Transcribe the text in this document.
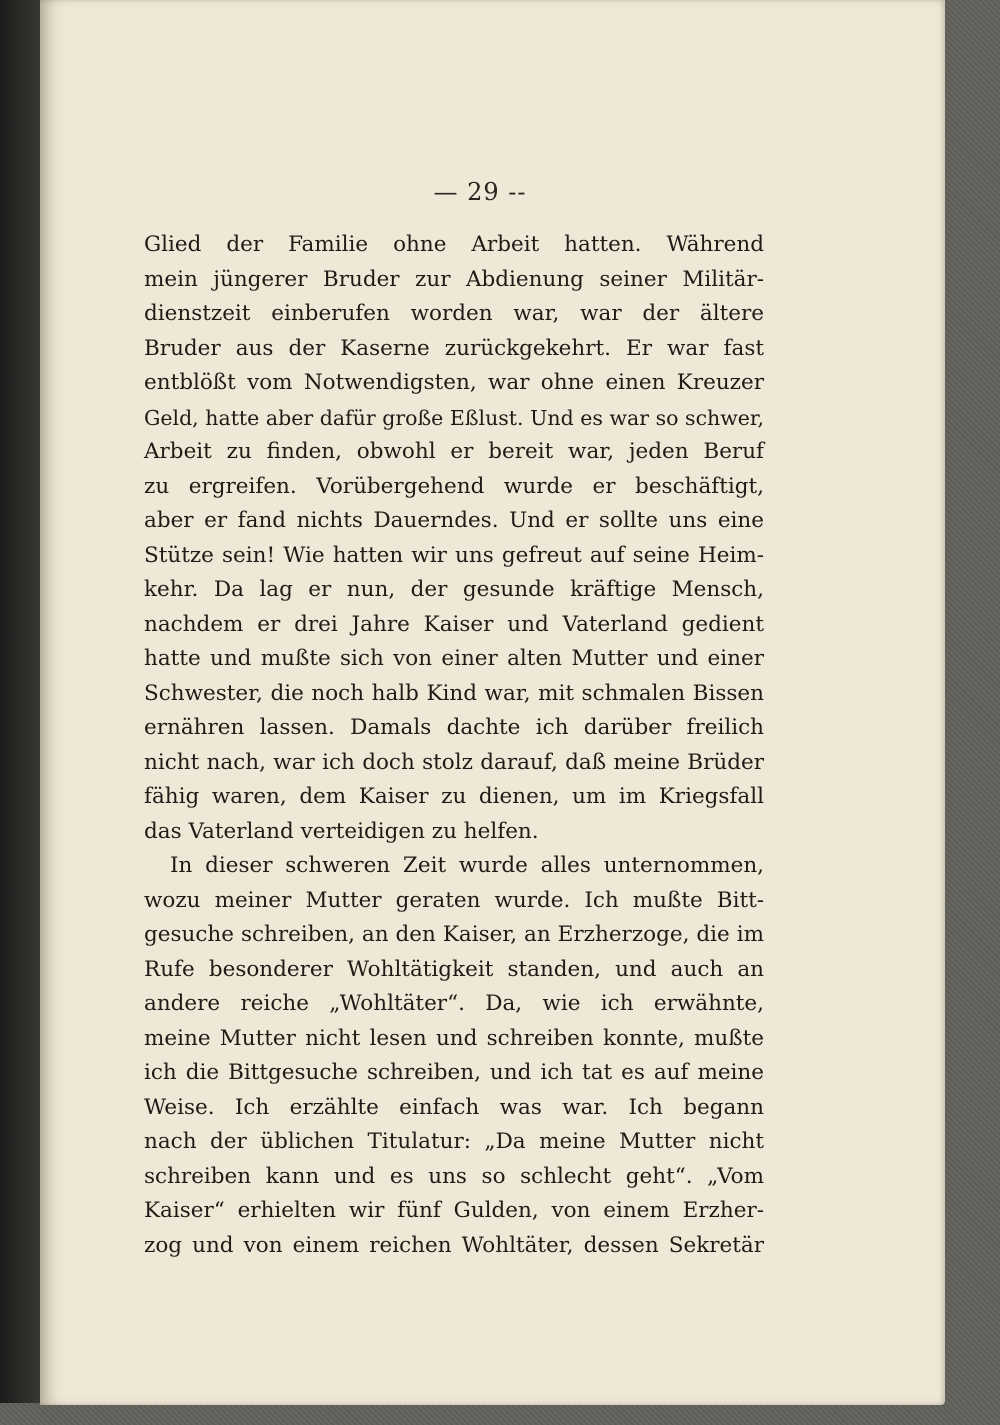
— 29 --
Glied der Familie ohne Arbeit hatten. Während
mein jüngerer Bruder zur Abdienung seiner Militär-
dienstzeit einberufen worden war, war der ältere
Bruder aus der Kaserne zurückgekehrt. Er war fast
entblößt vom Notwendigsten, war ohne einen Kreuzer
Geld, hatte aber dafür große Eßlust. Und es war so schwer,
Arbeit zu finden, obwohl er bereit war, jeden Beruf
zu ergreifen. Vorübergehend wurde er beschäftigt,
aber er fand nichts Dauerndes. Und er sollte uns eine
Stütze sein! Wie hatten wir uns gefreut auf seine Heim-
kehr. Da lag er nun, der gesunde kräftige Mensch,
nachdem er drei Jahre Kaiser und Vaterland gedient
hatte und mußte sich von einer alten Mutter und einer
Schwester, die noch halb Kind war, mit schmalen Bissen
ernähren lassen. Damals dachte ich darüber freilich
nicht nach, war ich doch stolz darauf, daß meine Brüder
fähig waren, dem Kaiser zu dienen, um im Kriegsfall
das Vaterland verteidigen zu helfen.
In dieser schweren Zeit wurde alles unternommen,
wozu meiner Mutter geraten wurde. Ich mußte Bitt-
gesuche schreiben, an den Kaiser, an Erzherzoge, die im
Rufe besonderer Wohltätigkeit standen, und auch an
andere reiche „Wohltäter“. Da, wie ich erwähnte,
meine Mutter nicht lesen und schreiben konnte, mußte
ich die Bittgesuche schreiben, und ich tat es auf meine
Weise. Ich erzählte einfach was war. Ich begann
nach der üblichen Titulatur: „Da meine Mutter nicht
schreiben kann und es uns so schlecht geht“. „Vom
Kaiser“ erhielten wir fünf Gulden, von einem Erzher-
zog und von einem reichen Wohltäter, dessen Sekretär
